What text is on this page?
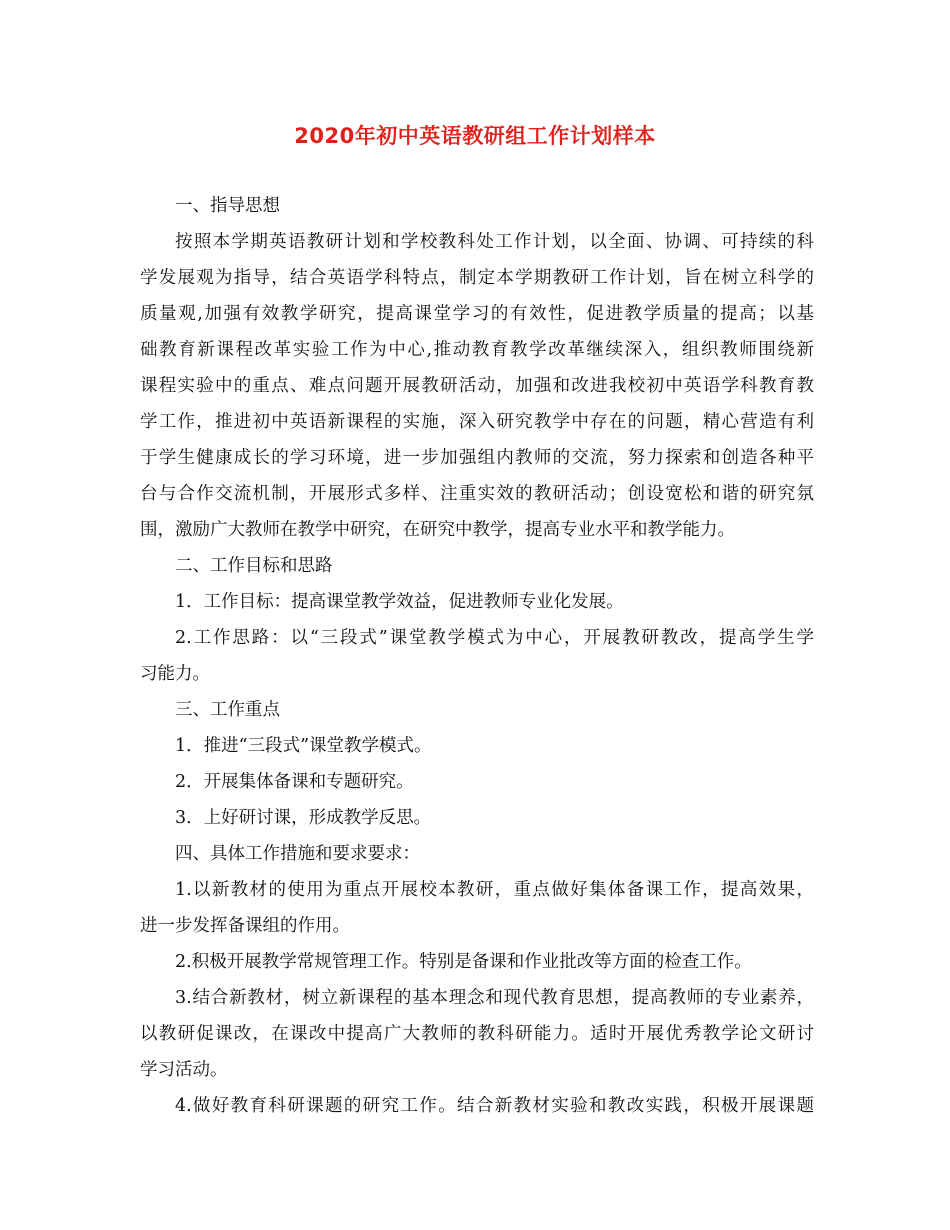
2020年初中英语教研组工作计划样本
一、指导思想
按照本学期英语教研计划和学校教科处工作计划，以全面、协调、可持续的科
学发展观为指导，结合英语学科特点，制定本学期教研工作计划，旨在树立科学的
质量观,加强有效教学研究，提高课堂学习的有效性，促进教学质量的提高；以基
础教育新课程改革实验工作为中心,推动教育教学改革继续深入，组织教师围绕新
课程实验中的重点、难点问题开展教研活动，加强和改进我校初中英语学科教育教
学工作，推进初中英语新课程的实施，深入研究教学中存在的问题，精心营造有利
于学生健康成长的学习环境，进一步加强组内教师的交流，努力探索和创造各种平
台与合作交流机制，开展形式多样、注重实效的教研活动；创设宽松和谐的研究氛
围，激励广大教师在教学中研究，在研究中教学，提高专业水平和教学能力。
二、工作目标和思路
1．工作目标：提高课堂教学效益，促进教师专业化发展。
2.工作思路：以“三段式”课堂教学模式为中心，开展教研教改，提高学生学
习能力。
三、工作重点
1．推进“三段式”课堂教学模式。
2．开展集体备课和专题研究。
3．上好研讨课，形成教学反思。
四、具体工作措施和要求要求：
1.以新教材的使用为重点开展校本教研，重点做好集体备课工作，提高效果，
进一步发挥备课组的作用。
2.积极开展教学常规管理工作。特别是备课和作业批改等方面的检查工作。
3.结合新教材，树立新课程的基本理念和现代教育思想，提高教师的专业素养，
以教研促课改，在课改中提高广大教师的教科研能力。适时开展优秀教学论文研讨
学习活动。
4.做好教育科研课题的研究工作。结合新教材实验和教改实践，积极开展课题
